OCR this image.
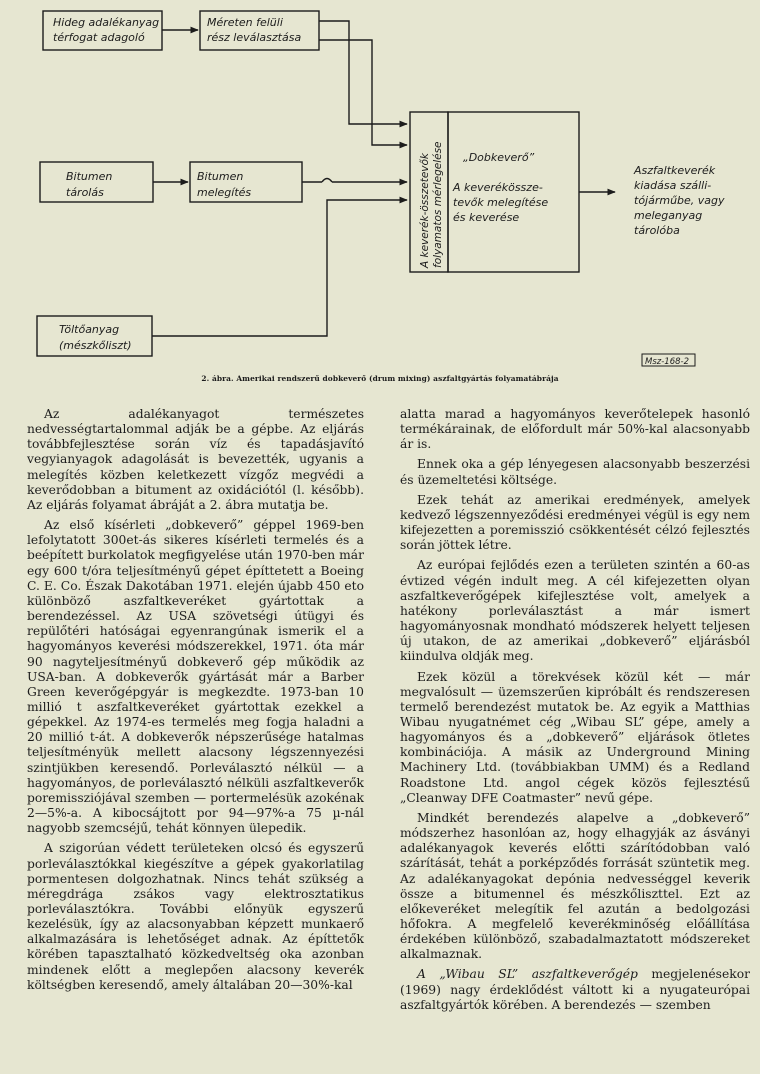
Hideg adalékanyag térfogat adagoló
Méreten felüli rész leválasztása
Bitumen tárolás
Bitumen melegítés
Töltőanyag (mészkőliszt)
A keverék-összetevők folyamatos mérlegelése „Dobkeverő”
A keverékössze- tevők melegítése és keverése
Aszfaltkeverék kiadása szálli- tójárműbe, vagy meleganyag tárolóba
Msz-168-2
2. ábra. Amerikai rendszerű dobkeverő (drum mixing) aszfaltgyártás folyamatábrája

Az adalékanyagot természetes nedvességtartalommal adják be a gépbe. Az eljárás továbbfejlesztése során víz és tapadásjavító vegyianyagok adagolását is bevezették, ugyanis a melegítés közben keletkezett vízgőz megvédi a keverődobban a bitument az oxidációtól (l. később). Az eljárás folyamat ábráját a 2. ábra mutatja be.

Az első kísérleti „dobkeverő” géppel 1969-ben lefolytatott 300et-ás sikeres kísérleti termelés és a beépített burkolatok megfigyelése után 1970-ben már egy 600 t/óra teljesítményű gépet építtetett a Boeing C. E. Co. Észak Dakotában 1971. elején újabb 450 eto különböző aszfaltkeveréket gyártottak a berendezéssel. Az USA szövetségi útügyi és repülőtéri hatóságai egyenrangúnak ismerik el a hagyományos keverési módszerekkel, 1971. óta már 90 nagyteljesítményű dobkeverő gép működik az USA-ban. A dobkeverők gyártását már a Barber Green keverőgépgyár is megkezdte. 1973-ban 10 millió t aszfaltkeveréket gyártottak ezekkel a gépekkel. Az 1974-es termelés meg fogja haladni a 20 millió t-át. A dobkeverők népszerűsége hatalmas teljesítményük mellett alacsony légszennyezési szintjükben keresendő. Porleválasztó nélkül — a hagyományos, de porleválasztó nélküli aszfaltkeverők poremissziójával szemben — portermelésük azokénak 2—5%-a. A kibocsájtott por 94—97%-a 75 µ-nál nagyobb szemcséjű, tehát könnyen ülepedik.

A szigorúan védett területeken olcsó és egyszerű porleválasztókkal kiegészítve a gépek gyakorlatilag pormentesen dolgozhatnak. Nincs tehát szükség a méregdrága zsákos vagy elektrosztatikus porleválasztókra. További előnyük egyszerű kezelésük, így az alacsonyabban képzett munkaerő alkalmazására is lehetőséget adnak. Az építtetők körében tapasztalható közkedveltség oka azonban mindenek előtt a meglepően alacsony keverék költségben keresendő, amely általában 20—30%-kal

alatta marad a hagyományos keverőtelepek hasonló termékárainak, de előfordult már 50%-kal alacsonyabb ár is.

Ennek oka a gép lényegesen alacsonyabb beszerzési és üzemeltetési költsége.

Ezek tehát az amerikai eredmények, amelyek kedvező légszennyeződési eredményei végül is egy nem kifejezetten a poremisszió csökkentését célzó fejlesztés során jöttek létre.

Az európai fejlődés ezen a területen szintén a 60-as évtized végén indult meg. A cél kifejezetten olyan aszfaltkeverőgépek kifejlesztése volt, amelyek a hatékony porleválasztást a már ismert hagyományosnak mondható módszerek helyett teljesen új utakon, de az amerikai „dobkeverő” eljárásból kiindulva oldják meg.

Ezek közül a törekvések közül két — már megvalósult — üzemszerűen kipróbált és rendszeresen termelő berendezést mutatok be. Az egyik a Matthias Wibau nyugatnémet cég „Wibau SL” gépe, amely a hagyományos és a „dobkeverő” eljárások ötletes kombinációja. A másik az Underground Mining Machinery Ltd. (továbbiakban UMM) és a Redland Roadstone Ltd. angol cégek közös fejlesztésű „Cleanway DFE Coatmaster” nevű gépe.

Mindkét berendezés alapelve a „dobkeverő” módszerhez hasonlóan az, hogy elhagyják az ásványi adalékanyagok keverés előtti szárítódobban való szárítását, tehát a porképződés forrását szüntetik meg. Az adalékanyagokat depónia nedvességgel keverik össze a bitumennel és mészkőliszttel. Ezt az előkeveréket melegítik fel azután a bedolgozási hőfokra. A megfelelő keverékminőség előállítása érdekében különböző, szabadalmaztatott módszereket alkalmaznak.

A „Wibau SL” aszfaltkeverőgép megjelenésekor (1969) nagy érdeklődést váltott ki a nyugateurópai aszfaltgyártók körében. A berendezés — szemben
